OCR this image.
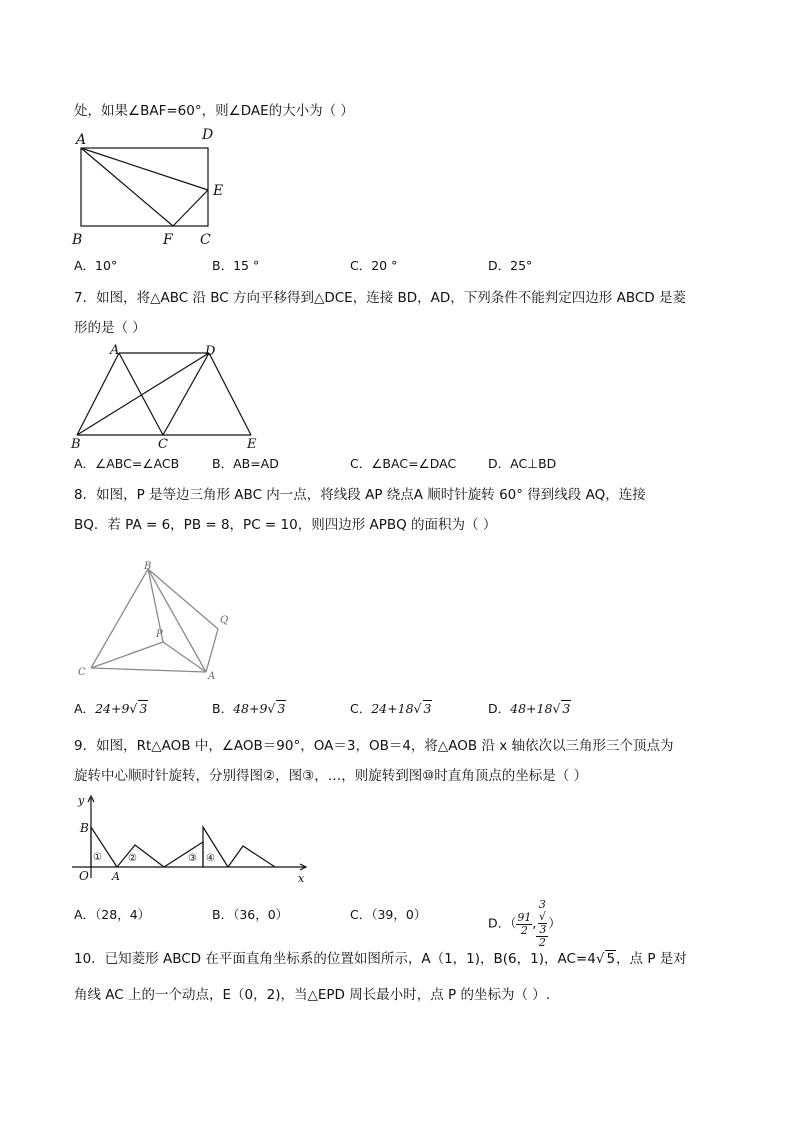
处，如果∠BAF=60°，则∠DAE的大小为（ ）
A	D
E
B	F C
A．10°	B．15 °	C．20 °	D．25°
7．如图，将△ABC 沿 BC 方向平移得到△DCE，连接 BD，AD，下列条件不能判定四边形 ABCD 是菱
形的是（ ）
A	D
B	C	E
A．∠ABC=∠ACB	B．AB=AD	C．∠BAC=∠DAC	D．AC⊥BD
8．如图，P 是等边三角形 ABC 内一点，将线段 AP 绕点A 顺时针旋转 60° 得到线段 AQ，连接
BQ．若 PA = 6，PB = 8，PC = 10，则四边形 APBQ 的面积为（ ）
B
Q
P
C	A
A．24+9√ 3	B．48+9√ 3	C．24+18√ 3	D．48+18√ 3
9．如图，Rt△AOB 中，∠AOB＝90°，OA＝3，OB＝4，将△AOB 沿 x 轴依次以三角形三个顶点为
旋转中心顺时针旋转，分别得图②，图③，…，则旋转到图⑩时直角顶点的坐标是（ ）
y
x
O A
B
①	②	③ ④
A．（28，4）	B．（36，0）	C．（39，0）
D．（ $\frac{91}{2}$ , 3
√
3
2 ）
10．已知菱形 ABCD 在平面直角坐标系的位置如图所示，A（1，1)，B(6，1)，AC=4√ 5，点 P 是对
角线 AC 上的一个动点，E（0，2)，当△EPD 周长最小时，点 P 的坐标为（ ）.
